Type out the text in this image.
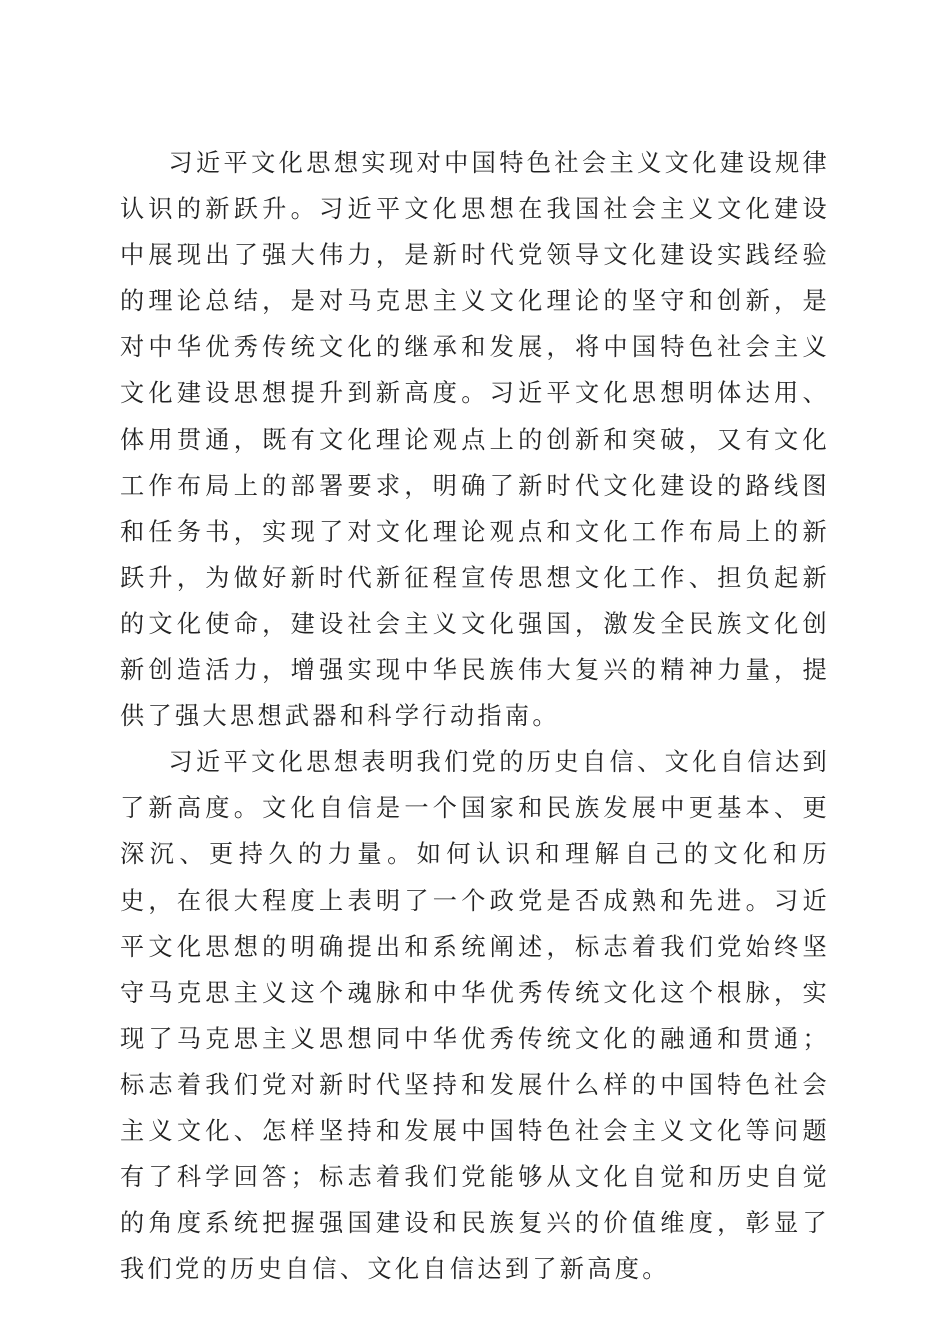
习近平文化思想实现对中国特色社会主义文化建设规律认识的新跃升。习近平文化思想在我国社会主义文化建设中展现出了强大伟力，是新时代党领导文化建设实践经验的理论总结，是对马克思主义文化理论的坚守和创新，是对中华优秀传统文化的继承和发展，将中国特色社会主义文化建设思想提升到新高度。习近平文化思想明体达用、体用贯通，既有文化理论观点上的创新和突破，又有文化工作布局上的部署要求，明确了新时代文化建设的路线图和任务书，实现了对文化理论观点和文化工作布局上的新跃升，为做好新时代新征程宣传思想文化工作、担负起新的文化使命，建设社会主义文化强国，激发全民族文化创新创造活力，增强实现中华民族伟大复兴的精神力量，提供了强大思想武器和科学行动指南。

习近平文化思想表明我们党的历史自信、文化自信达到了新高度。文化自信是一个国家和民族发展中更基本、更深沉、更持久的力量。如何认识和理解自己的文化和历史，在很大程度上表明了一个政党是否成熟和先进。习近平文化思想的明确提出和系统阐述，标志着我们党始终坚守马克思主义这个魂脉和中华优秀传统文化这个根脉，实现了马克思主义思想同中华优秀传统文化的融通和贯通；标志着我们党对新时代坚持和发展什么样的中国特色社会主义文化、怎样坚持和发展中国特色社会主义文化等问题有了科学回答；标志着我们党能够从文化自觉和历史自觉的角度系统把握强国建设和民族复兴的价值维度，彰显了我们党的历史自信、文化自信达到了新高度。
